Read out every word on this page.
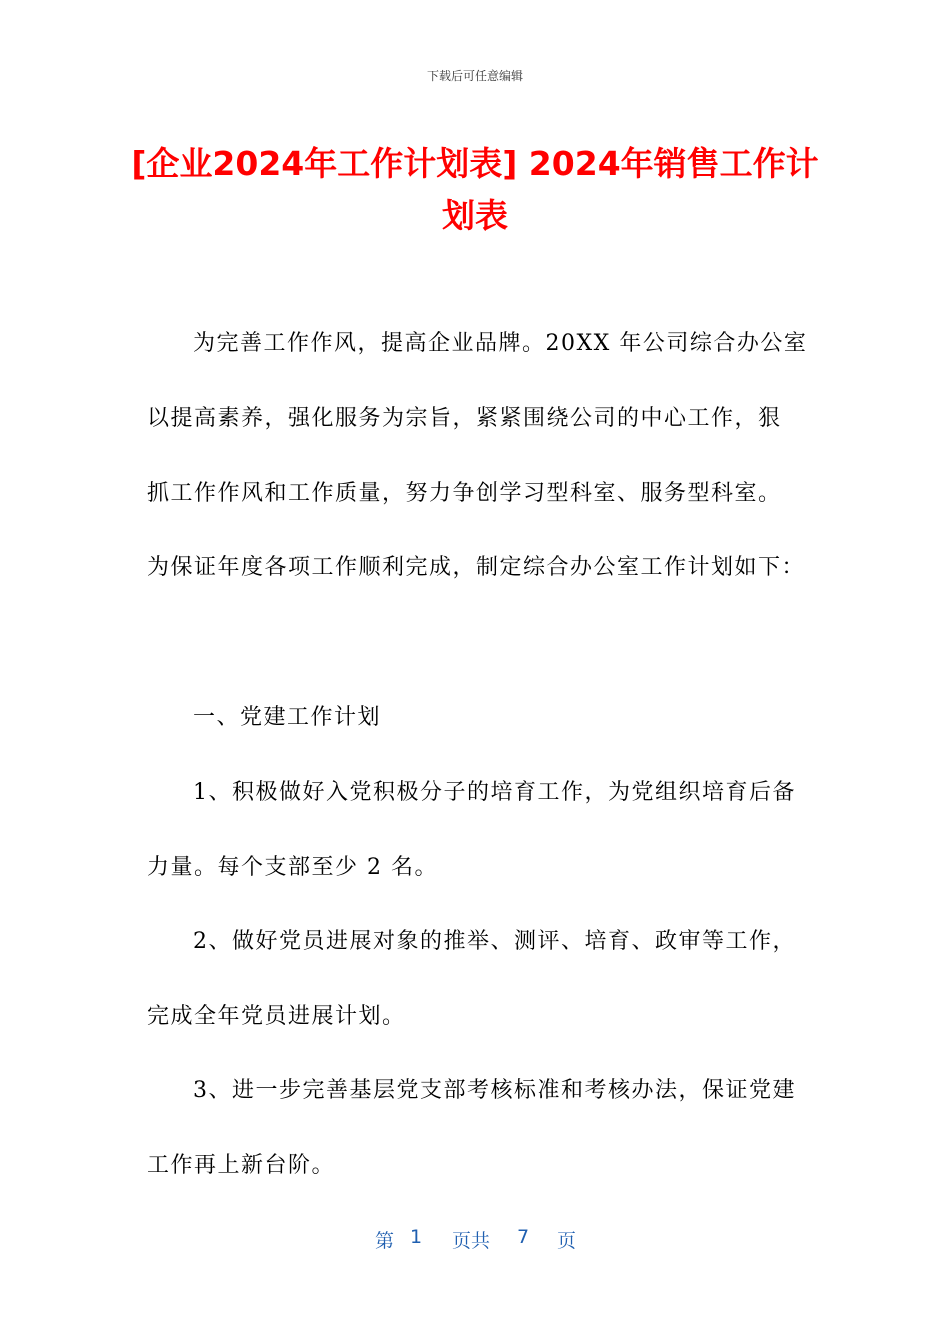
下载后可任意编辑
[企业2024年工作计划表] 2024年销售工作计划表
为完善工作作风，提高企业品牌。20XX 年公司综合办公室
以提高素养，强化服务为宗旨，紧紧围绕公司的中心工作，狠
抓工作作风和工作质量，努力争创学习型科室、服务型科室。
为保证年度各项工作顺利完成，制定综合办公室工作计划如下：
一、党建工作计划
1、积极做好入党积极分子的培育工作，为党组织培育后备
力量。每个支部至少 2 名。
2、做好党员进展对象的推举、测评、培育、政审等工作，
完成全年党员进展计划。
3、进一步完善基层党支部考核标准和考核办法，保证党建
工作再上新台阶。
第 1 页共 7 页
